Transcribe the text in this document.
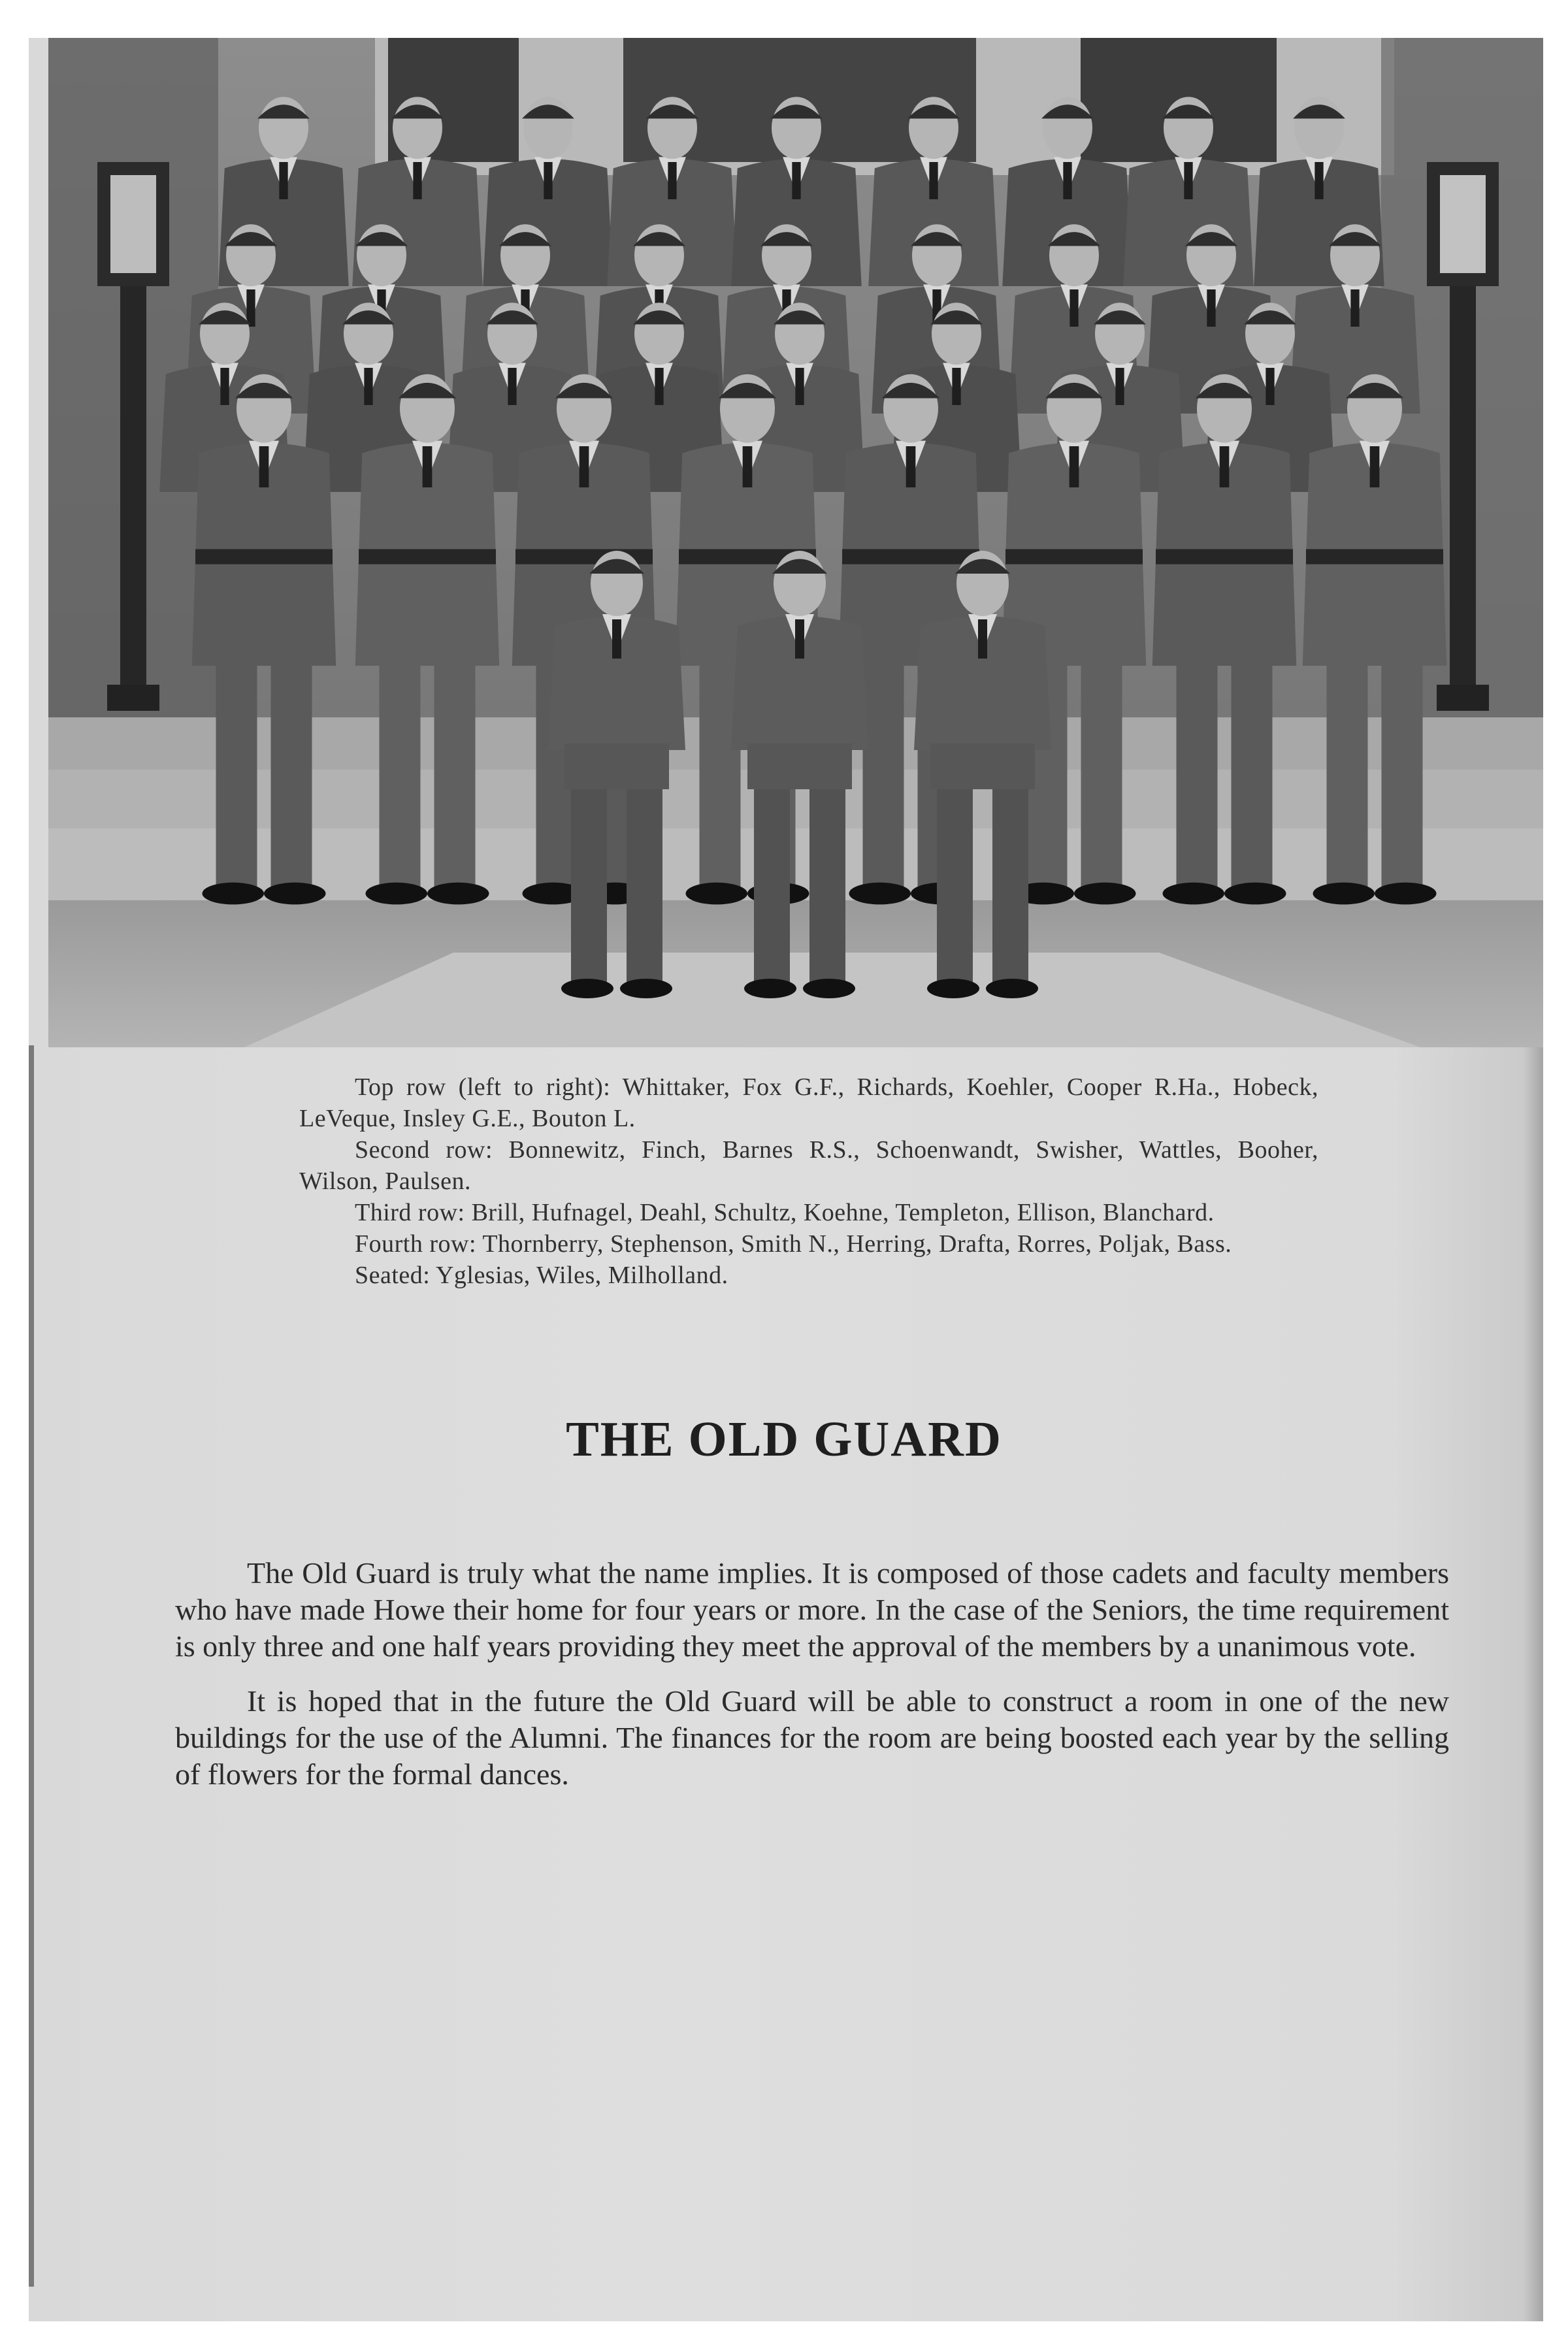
Top row (left to right): Whittaker, Fox G.F., Richards, Koehler, Cooper R.Ha., Hobeck, LeVeque, Insley G.E., Bouton L.

Second row: Bonnewitz, Finch, Barnes R.S., Schoenwandt, Swisher, Wattles, Booher, Wilson, Paulsen.

Third row: Brill, Hufnagel, Deahl, Schultz, Koehne, Templeton, Ellison, Blanchard.

Fourth row: Thornberry, Stephenson, Smith N., Herring, Drafta, Rorres, Poljak, Bass.

Seated: Yglesias, Wiles, Milholland.

THE OLD GUARD

The Old Guard is truly what the name implies. It is composed of those cadets and faculty members who have made Howe their home for four years or more. In the case of the Seniors, the time requirement is only three and one half years providing they meet the approval of the members by a unanimous vote.

It is hoped that in the future the Old Guard will be able to construct a room in one of the new buildings for the use of the Alumni. The finances for the room are being boosted each year by the selling of flowers for the formal dances.
